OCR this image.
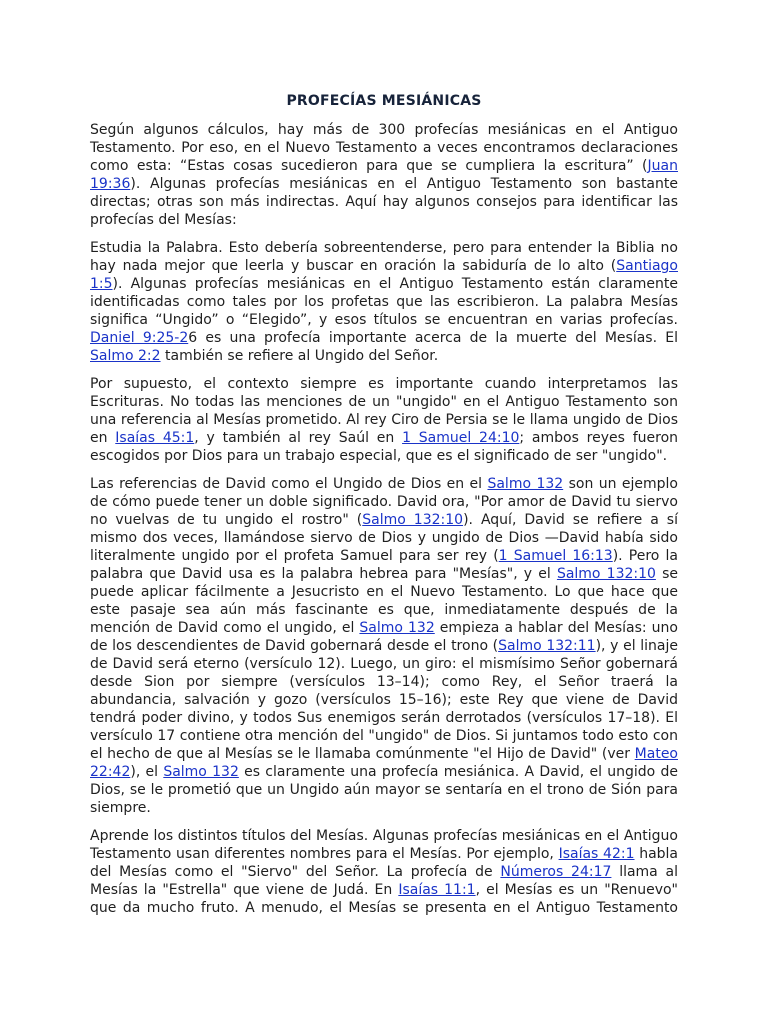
PROFECÍAS MESIÁNICAS

Según algunos cálculos, hay más de 300 profecías mesiánicas en el Antiguo Testamento. Por eso, en el Nuevo Testamento a veces encontramos declaraciones como esta: “Estas cosas sucedieron para que se cumpliera la escritura” (Juan 19:36). Algunas profecías mesiánicas en el Antiguo Testamento son bastante directas; otras son más indirectas. Aquí hay algunos consejos para identificar las profecías del Mesías:

Estudia la Palabra. Esto debería sobreentenderse, pero para entender la Biblia no hay nada mejor que leerla y buscar en oración la sabiduría de lo alto (Santiago 1:5). Algunas profecías mesiánicas en el Antiguo Testamento están claramente identificadas como tales por los profetas que las escribieron. La palabra Mesías significa “Ungido” o “Elegido”, y esos títulos se encuentran en varias profecías. Daniel 9:25-26 es una profecía importante acerca de la muerte del Mesías. El Salmo 2:2 también se refiere al Ungido del Señor.

Por supuesto, el contexto siempre es importante cuando interpretamos las Escrituras. No todas las menciones de un "ungido" en el Antiguo Testamento son una referencia al Mesías prometido. Al rey Ciro de Persia se le llama ungido de Dios en Isaías 45:1, y también al rey Saúl en 1 Samuel 24:10; ambos reyes fueron escogidos por Dios para un trabajo especial, que es el significado de ser "ungido".

Las referencias de David como el Ungido de Dios en el Salmo 132 son un ejemplo de cómo puede tener un doble significado. David ora, "Por amor de David tu siervo no vuelvas de tu ungido el rostro" (Salmo 132:10). Aquí, David se refiere a sí mismo dos veces, llamándose siervo de Dios y ungido de Dios —David había sido literalmente ungido por el profeta Samuel para ser rey (1 Samuel 16:13). Pero la palabra que David usa es la palabra hebrea para "Mesías", y el Salmo 132:10 se puede aplicar fácilmente a Jesucristo en el Nuevo Testamento. Lo que hace que este pasaje sea aún más fascinante es que, inmediatamente después de la mención de David como el ungido, el Salmo 132 empieza a hablar del Mesías: uno de los descendientes de David gobernará desde el trono (Salmo 132:11), y el linaje de David será eterno (versículo 12). Luego, un giro: el mismísimo Señor gobernará desde Sion por siempre (versículos 13–14); como Rey, el Señor traerá la abundancia, salvación y gozo (versículos 15–16); este Rey que viene de David tendrá poder divino, y todos Sus enemigos serán derrotados (versículos 17–18). El versículo 17 contiene otra mención del "ungido" de Dios. Si juntamos todo esto con el hecho de que al Mesías se le llamaba comúnmente "el Hijo de David" (ver Mateo 22:42), el Salmo 132 es claramente una profecía mesiánica. A David, el ungido de Dios, se le prometió que un Ungido aún mayor se sentaría en el trono de Sión para siempre.

Aprende los distintos títulos del Mesías. Algunas profecías mesiánicas en el Antiguo Testamento usan diferentes nombres para el Mesías. Por ejemplo, Isaías 42:1 habla del Mesías como el "Siervo" del Señor. La profecía de Números 24:17 llama al Mesías la "Estrella" que viene de Judá. En Isaías 11:1, el Mesías es un "Renuevo" que da mucho fruto. A menudo, el Mesías se presenta en el Antiguo Testamento
